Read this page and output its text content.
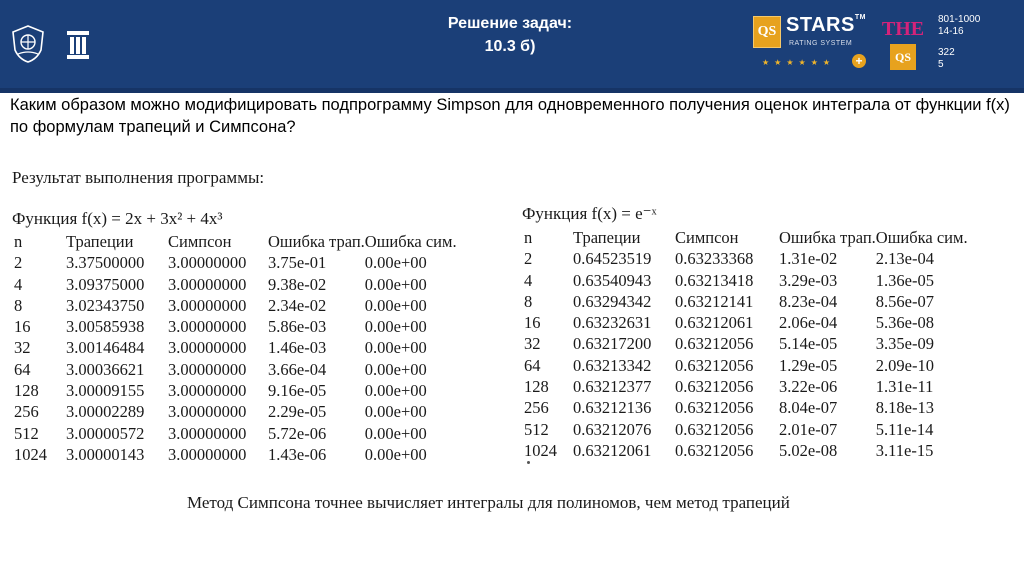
Решение задач:
10.3 б)
QS STARS™
RATING SYSTEM
★★★★★★	+
THE
QS
801-1000
14-16
322
5
Каким образом можно модифицировать подпрограмму Simpson для одновременного получения оценок интеграла от функции f(x) по формулам трапеций и Симпсона?
Результат выполнения программы:
Функция f(x) = 2x + 3x² + 4x³	Функция f(x) = e⁻ˣ
n	Трапеции	Симпсон	Ошибка трап.	Ошибка сим.
2	3.37500000	3.00000000	3.75e-01	0.00e+00
4	3.09375000	3.00000000	9.38e-02	0.00e+00
8	3.02343750	3.00000000	2.34e-02	0.00e+00
16	3.00585938	3.00000000	5.86e-03	0.00e+00
32	3.00146484	3.00000000	1.46e-03	0.00e+00
64	3.00036621	3.00000000	3.66e-04	0.00e+00
128	3.00009155	3.00000000	9.16e-05	0.00e+00
256	3.00002289	3.00000000	2.29e-05	0.00e+00
512	3.00000572	3.00000000	5.72e-06	0.00e+00
1024	3.00000143	3.00000000	1.43e-06	0.00e+00
n	Трапеции	Симпсон	Ошибка трап.	Ошибка сим.
2	0.64523519	0.63233368	1.31e-02	2.13e-04
4	0.63540943	0.63213418	3.29e-03	1.36e-05
8	0.63294342	0.63212141	8.23e-04	8.56e-07
16	0.63232631	0.63212061	2.06e-04	5.36e-08
32	0.63217200	0.63212056	5.14e-05	3.35e-09
64	0.63213342	0.63212056	1.29e-05	2.09e-10
128	0.63212377	0.63212056	3.22e-06	1.31e-11
256	0.63212136	0.63212056	8.04e-07	8.18e-13
512	0.63212076	0.63212056	2.01e-07	5.11e-14
1024	0.63212061	0.63212056	5.02e-08	3.11e-15
Метод Симпсона точнее вычисляет интегралы для полиномов, чем метод трапеций
